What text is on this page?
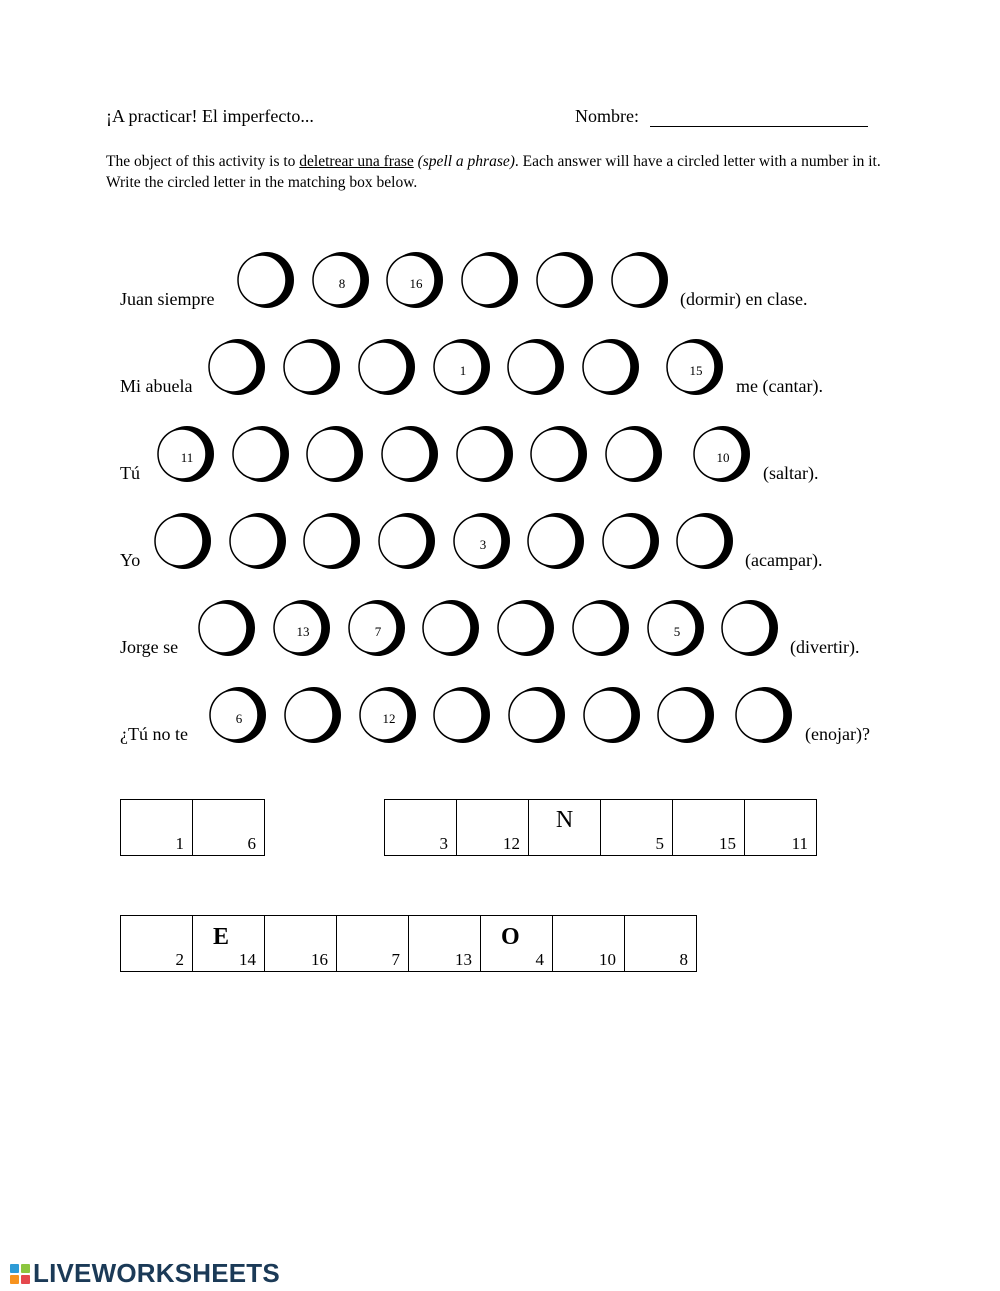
¡A practicar! El imperfecto...	Nombre:
The object of this activity is to deletrear una frase (spell a phrase). Each answer will have a circled letter with a number in it. Write the circled letter in the matching box below.
Juan siempre
8	16
(dormir) en clase.
Mi abuela
1	15
me (cantar).
Tú
11	10
(saltar).
Yo
3
(acampar).
Jorge se
13	7	5
(divertir).
¿Tú no te
6	12
(enojar)?
1	6	3	12
N
5	15	11
2
E
14	16	7	13
O
4	10	8
LIVEWORKSHEETS
